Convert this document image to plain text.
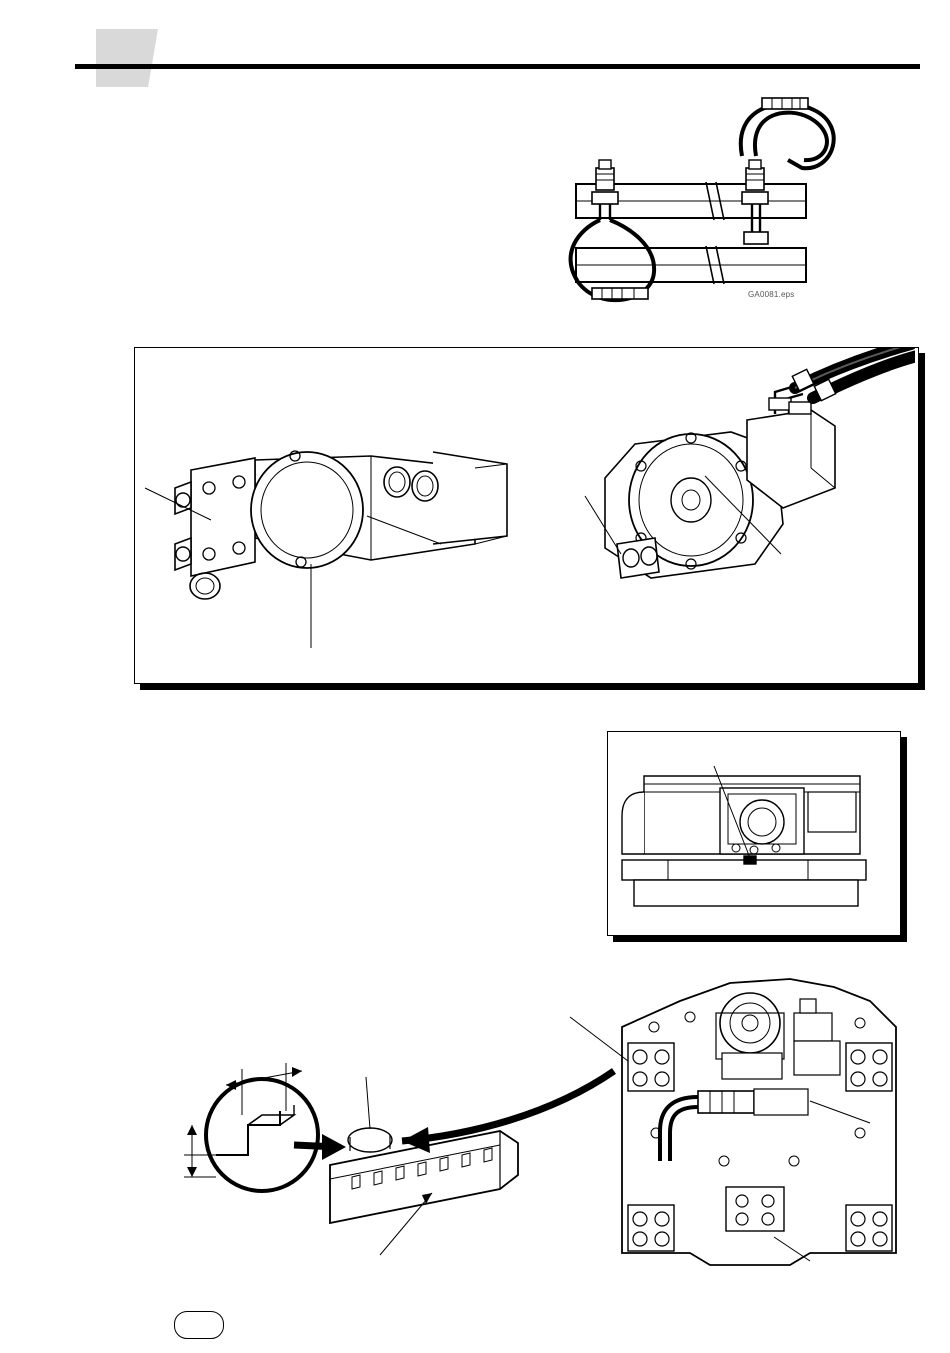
GA0081.eps
